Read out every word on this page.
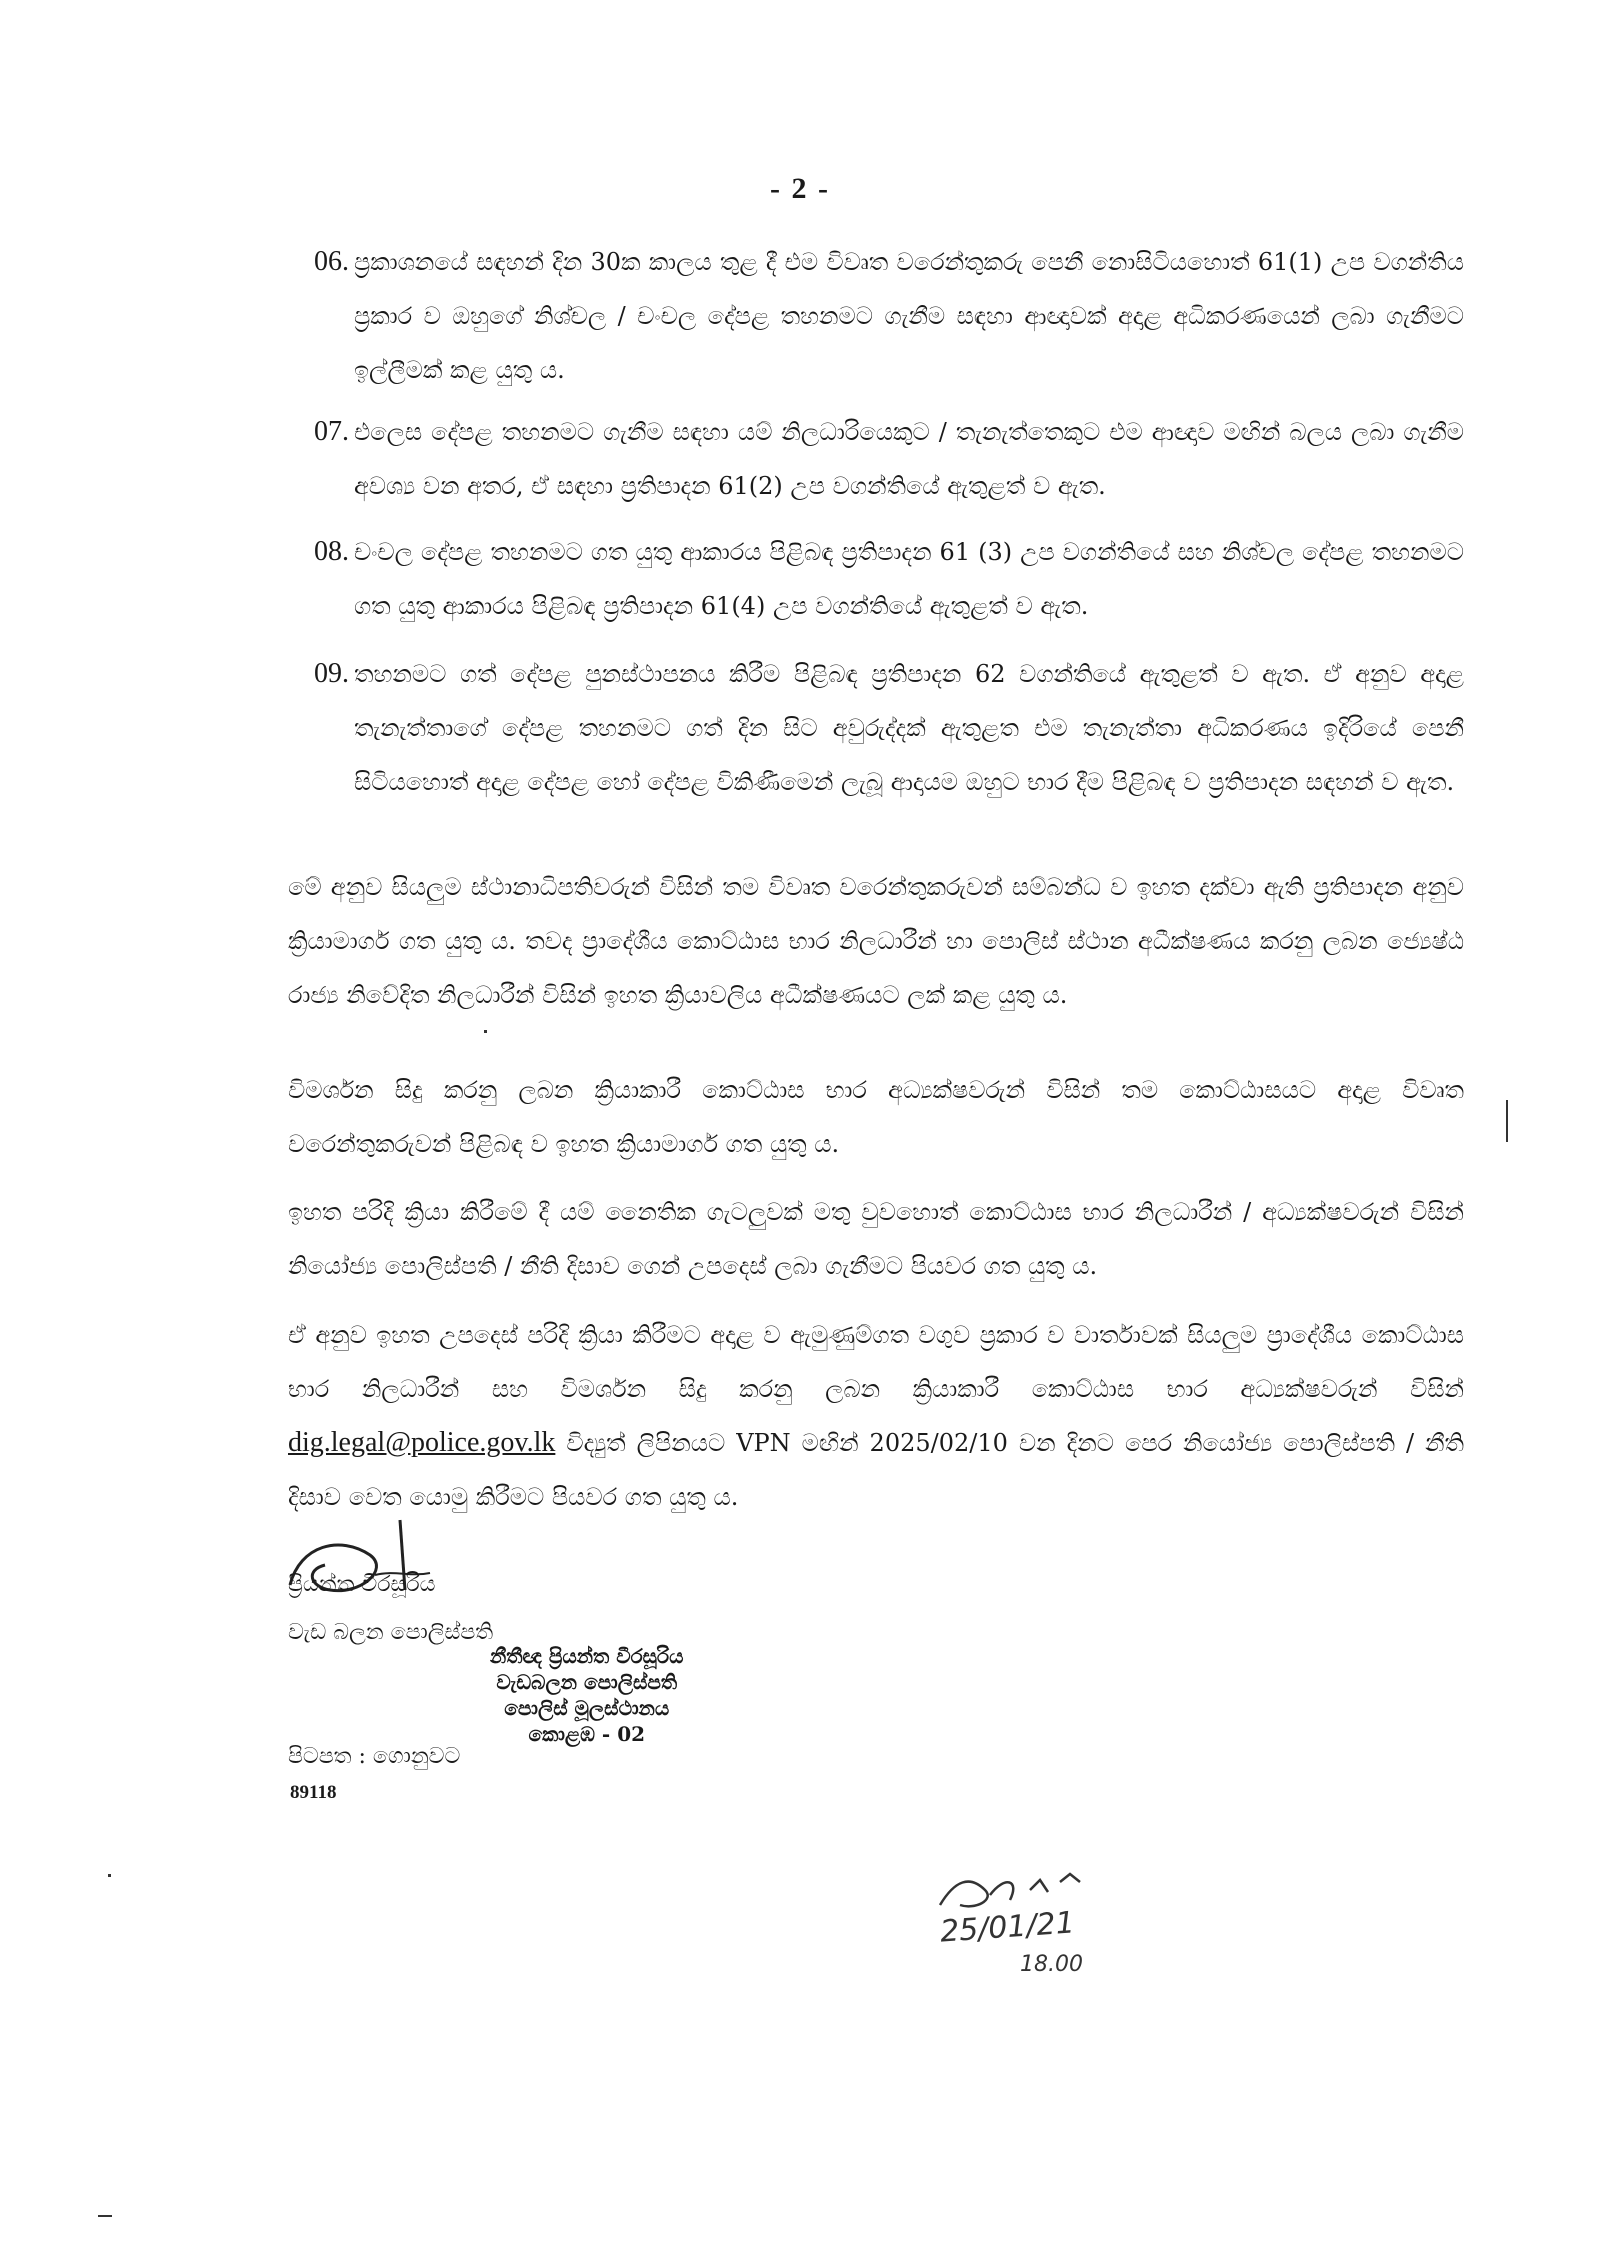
- 2 -
06. ප්‍රකාශනයේ සඳහන් දින 30ක කාලය තුළ දී එම විවෘත වරෙන්තුකරු පෙනී නොසිටියහොත් 61(1) උප වගන්තිය ප්‍රකාර ව ඔහුගේ නිශ්චල / චංචල දේපළ තහනමට ගැනීම සඳහා ආඥාවක් අදාළ අධිකරණයෙන් ලබා ගැනීමට ඉල්ලීමක් කළ යුතු ය.
07. එලෙස දේපළ තහනමට ගැනීම සඳහා යම් නිලධාරියෙකුට / තැනැත්තෙකුට එම ආඥාව මඟින් බලය ලබා ගැනීම අවශ්‍ය වන අතර, ඒ සඳහා ප්‍රතිපාදන 61(2) උප වගන්තියේ ඇතුළත් ව ඇත.
08. චංචල දේපළ තහනමට ගත යුතු ආකාරය පිළිබඳ ප්‍රතිපාදන 61 (3) උප වගන්තියේ සහ නිශ්චල දේපළ තහනමට ගත යුතු ආකාරය පිළිබඳ ප්‍රතිපාදන 61(4) උප වගන්තියේ ඇතුළත් ව ඇත.
09. තහනමට ගත් දේපළ පුනස්ථාපනය කිරීම පිළිබඳ ප්‍රතිපාදන 62 වගන්තියේ ඇතුළත් ව ඇත. ඒ අනුව අදාළ තැනැත්තාගේ දේපළ තහනමට ගත් දින සිට අවුරුද්දක් ඇතුළත එම තැනැත්තා අධිකරණය ඉදිරියේ පෙනී සිටියහොත් අදාළ දේපළ හෝ දේපළ විකිණීමෙන් ලැබූ ආදායම ඔහුට භාර දීම පිළිබඳ ව ප්‍රතිපාදන සඳහන් ව ඇත.
මේ අනුව සියලුම ස්ථානාධිපතිවරුන් විසින් තම විවෘත වරෙන්තුකරුවන් සම්බන්ධ ව ඉහත දක්වා ඇති ප්‍රතිපාදන අනුව ක්‍රියාමාර්ග ගත යුතු ය. තවද ප්‍රාදේශීය කොට්ඨාස භාර නිලධාරීන් හා පොලිස් ස්ථාන අධීක්ෂණය කරනු ලබන ජ්‍යෙෂ්ඨ රාජ්‍ය නිවේදිත නිලධාරීන් විසින් ඉහත ක්‍රියාවලිය අධීක්ෂණයට ලක් කළ යුතු ය.
විමර්ශන සිදු කරනු ලබන ක්‍රියාකාරී කොට්ඨාස භාර අධ්‍යක්ෂවරුන් විසින් තම කොට්ඨාසයට අදාළ විවෘත වරෙන්තුකරුවන් පිළිබඳ ව ඉහත ක්‍රියාමාර්ග ගත යුතු ය.
ඉහත පරිදි ක්‍රියා කිරීමේ දී යම් නෛතික ගැටලුවක් මතු වුවහොත් කොට්ඨාස භාර නිලධාරීන් / අධ්‍යක්ෂවරුන් විසින් නියෝජ්‍ය පොලිස්පති / නීති දිසාව ගෙන් උපදෙස් ලබා ගැනීමට පියවර ගත යුතු ය.
ඒ අනුව ඉහත උපදෙස් පරිදි ක්‍රියා කිරීමට අදාළ ව ඇමුණුම්ගත වගුව ප්‍රකාර ව වාර්තාවක් සියලුම ප්‍රාදේශීය කොට්ඨාස භාර නිලධාරීන් සහ විමර්ශන සිදු කරනු ලබන ක්‍රියාකාරී කොට්ඨාස භාර අධ්‍යක්ෂවරුන් විසින් dig.legal@police.gov.lk විද්‍යුත් ලිපිනයට VPN මඟින් 2025/02/10 වන දිනට පෙර නියෝජ්‍ය පොලිස්පති / නීති දිසාව වෙත යොමු කිරීමට පියවර ගත යුතු ය.
ප්‍රියන්ත වීරසූරිය
වැඩ බලන පොලිස්පති
නීතීඥ ප්‍රියන්ත වීරසූරිය
වැඩබලන පොලිස්පති
පොලිස් මූලස්ථානය
කොළඹ - 02
පිටපත : ගොනුවට
89118
25/01/21
18.00
